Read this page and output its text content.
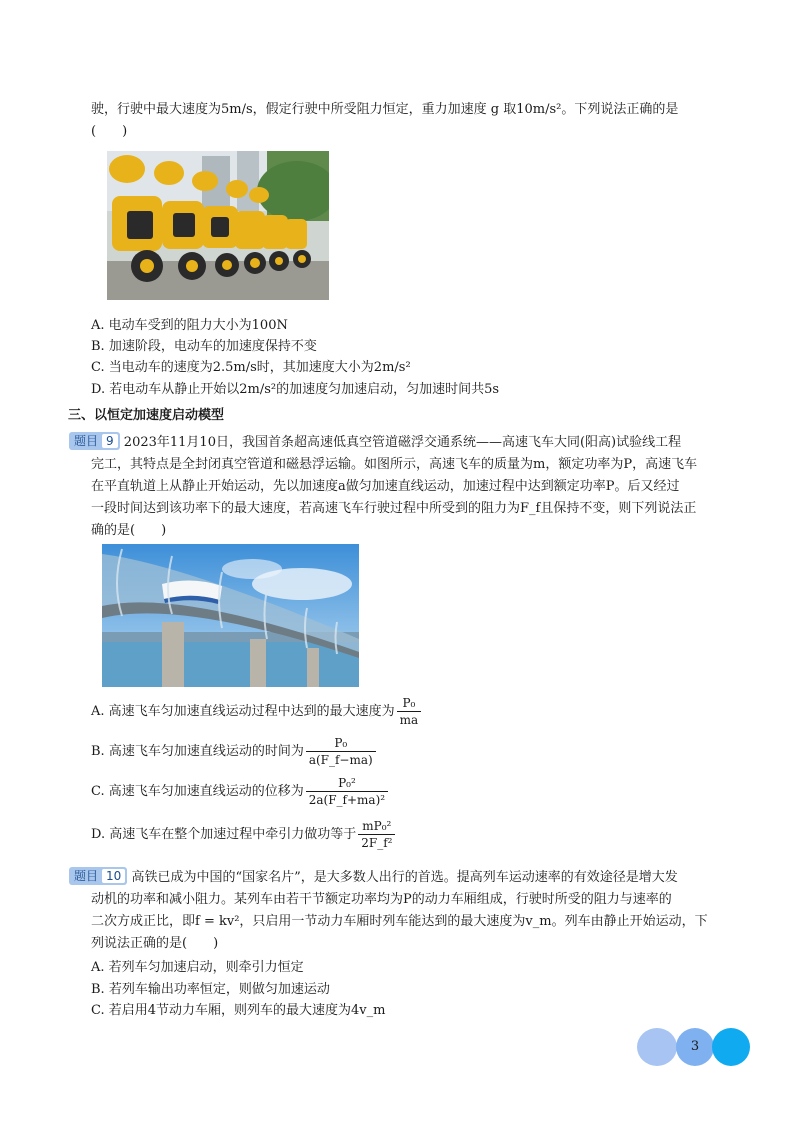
驶，行驶中最大速度为5m/s，假定行驶中所受阻力恒定，重力加速度 g 取10m/s²。下列说法正确的是
(　　)
A. 电动车受到的阻力大小为100N
B. 加速阶段，电动车的加速度保持不变
C. 当电动车的速度为2.5m/s时，其加速度大小为2m/s²
D. 若电动车从静止开始以2m/s²的加速度匀加速启动，匀加速时间共5s
三、以恒定加速度启动模型
题目 9 2023年11月10日，我国首条超高速低真空管道磁浮交通系统——高速飞车大同(阳高)试验线工程
完工，其特点是全封闭真空管道和磁悬浮运输。如图所示，高速飞车的质量为m，额定功率为P，高速飞车
在平直轨道上从静止开始运动，先以加速度a做匀加速直线运动，加速过程中达到额定功率P。后又经过
一段时间达到该功率下的最大速度，若高速飞车行驶过程中所受到的阻力为F_f且保持不变，则下列说法正
确的是(　　)
A. 高速飞车匀加速直线运动过程中达到的最大速度为 $\frac{\text{P₀}}{ma}$
B. 高速飞车匀加速直线运动的时间为 $\frac{\text{P₀}}{a(F\_f-ma)}$
C. 高速飞车匀加速直线运动的位移为 $\frac{\text{P₀²}}{\text{2a(F\_f+ma)²}}$
D. 高速飞车在整个加速过程中牵引力做功等于 $\frac{\text{mP₀²}}{\text{2F\_f²}}$
题目 10 高铁已成为中国的“国家名片”，是大多数人出行的首选。提高列车运动速率的有效途径是增大发
动机的功率和减小阻力。某列车由若干节额定功率均为P的动力车厢组成，行驶时所受的阻力与速率的
二次方成正比，即f = kv²，只启用一节动力车厢时列车能达到的最大速度为v_m。列车由静止开始运动，下
列说法正确的是(　　)
A. 若列车匀加速启动，则牵引力恒定
B. 若列车输出功率恒定，则做匀加速运动
C. 若启用4节动力车厢，则列车的最大速度为4v_m
3
